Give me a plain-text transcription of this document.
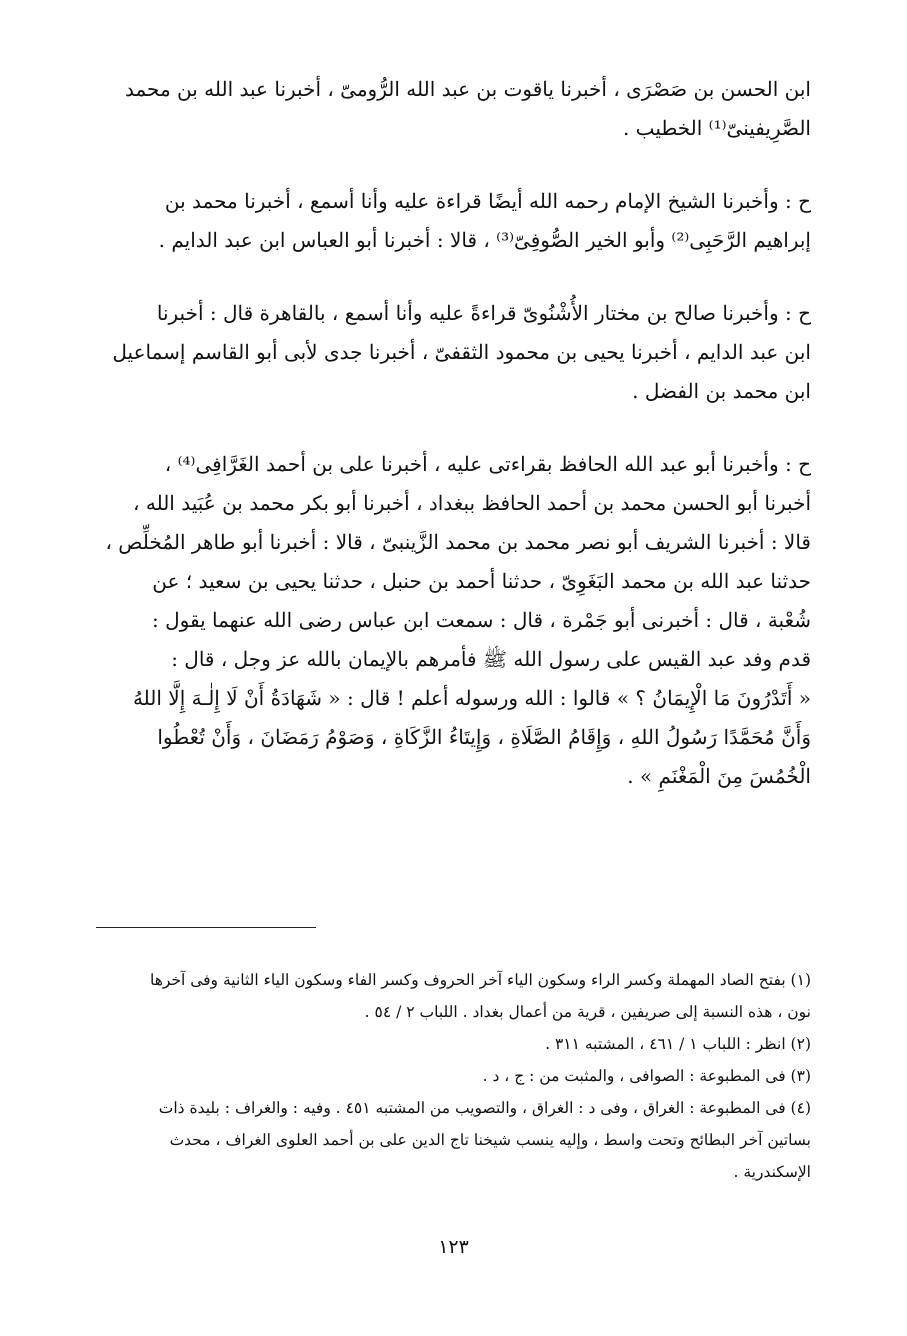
ابن الحسن بن صَصْرَى ، أخبرنا ياقوت بن عبد الله الرُّومىّ ، أخبرنا عبد الله بن محمد

الصَّرِيفينىّ⁽¹⁾ الخطيب .

ح : وأخبرنا الشيخ الإمام رحمه الله أيضًا قراءة عليه وأنا أسمع ، أخبرنا محمد بن

إبراهيم الرَّحَبِى⁽²⁾ وأبو الخير الصُّوفِىّ⁽³⁾ ، قالا : أخبرنا أبو العباس ابن عبد الدايم .

ح : وأخبرنا صالح بن مختار الأُشْنُوىّ قراءةً عليه وأنا أسمع ، بالقاهرة قال : أخبرنا

ابن عبد الدايم ، أخبرنا يحيى بن محمود الثقفىّ ، أخبرنا جدى لأبى أبو القاسم إسماعيل

ابن محمد بن الفضل .

ح : وأخبرنا أبو عبد الله الحافظ بقراءتى عليه ، أخبرنا على بن أحمد الغَرَّافِى⁽⁴⁾ ،

أخبرنا أبو الحسن محمد بن أحمد الحافظ ببغداد ، أخبرنا أبو بكر محمد بن عُبَيد الله ،

قالا : أخبرنا الشريف أبو نصر محمد بن محمد الزَّينبىّ ، قالا : أخبرنا أبو طاهر المُخلِّص ،

حدثنا عبد الله بن محمد البَغَوِىّ ، حدثنا أحمد بن حنبل ، حدثنا يحيى بن سعيد ؛ عن

شُعْبة ، قال : أخبرنى أبو جَمْرة ، قال : سمعت ابن عباس رضى الله عنهما يقول :

قدم وفد عبد القيس على رسول الله ﷺ فأمرهم بالإيمان بالله عز وجل ، قال :

« أَتَدْرُونَ مَا الْإِيمَانُ ؟ » قالوا : الله ورسوله أعلم ! قال : « شَهَادَةُ أَنْ لَا إِلٰـهَ إِلَّا اللهُ

وَأَنَّ مُحَمَّدًا رَسُولُ اللهِ ، وَإِقَامُ الصَّلَاةِ ، وَإِيتَاءُ الزَّكَاةِ ، وَصَوْمُ رَمَضَانَ ، وَأَنْ تُعْطُوا

الْخُمُسَ مِنَ الْمَغْنَمِ » .

(١) بفتح الصاد المهملة وكسر الراء وسكون الياء آخر الحروف وكسر الفاء وسكون الياء الثانية وفى آخرها

نون ، هذه النسبة إلى صريفين ، قرية من أعمال بغداد . اللباب ٢ / ٥٤ .

(٢) انظر : اللباب ١ / ٤٦١ ، المشتبه ٣١١ .

(٣) فى المطبوعة : الصوافى ، والمثبت من : ج ، د .

(٤) فى المطبوعة : الغراق ، وفى د : الغراق ، والتصويب من المشتبه ٤٥١ . وفيه : والغراف : بليدة ذات

بساتين آخر البطائح وتحت واسط ، وإليه ينسب شيخنا تاج الدين على بن أحمد العلوى الغراف ، محدث

الإسكندرية .

١٢٣
